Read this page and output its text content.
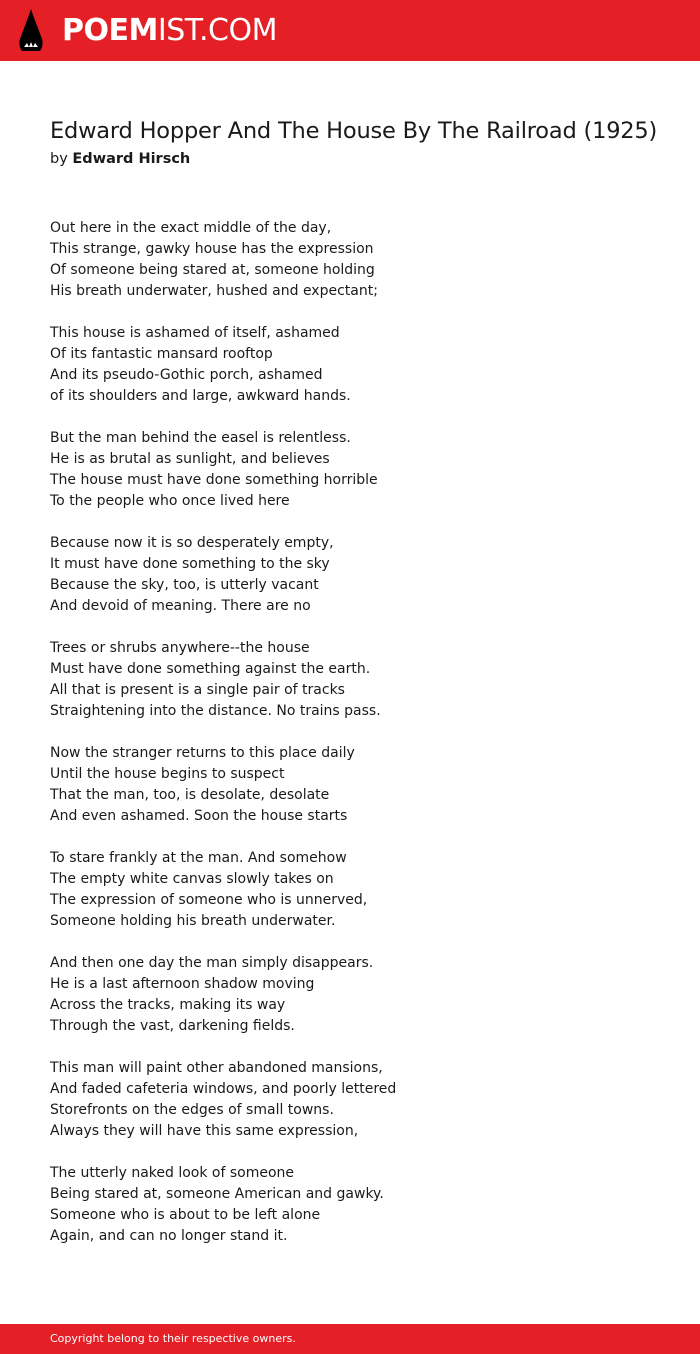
POEMIST.COM
Edward Hopper And The House By The Railroad (1925)
by Edward Hirsch
Out here in the exact middle of the day,
This strange, gawky house has the expression
Of someone being stared at, someone holding
His breath underwater, hushed and expectant;
This house is ashamed of itself, ashamed
Of its fantastic mansard rooftop
And its pseudo-Gothic porch, ashamed
of its shoulders and large, awkward hands.
But the man behind the easel is relentless.
He is as brutal as sunlight, and believes
The house must have done something horrible
To the people who once lived here
Because now it is so desperately empty,
It must have done something to the sky
Because the sky, too, is utterly vacant
And devoid of meaning. There are no
Trees or shrubs anywhere--the house
Must have done something against the earth.
All that is present is a single pair of tracks
Straightening into the distance. No trains pass.
Now the stranger returns to this place daily
Until the house begins to suspect
That the man, too, is desolate, desolate
And even ashamed. Soon the house starts
To stare frankly at the man. And somehow
The empty white canvas slowly takes on
The expression of someone who is unnerved,
Someone holding his breath underwater.
And then one day the man simply disappears.
He is a last afternoon shadow moving
Across the tracks, making its way
Through the vast, darkening fields.
This man will paint other abandoned mansions,
And faded cafeteria windows, and poorly lettered
Storefronts on the edges of small towns.
Always they will have this same expression,
The utterly naked look of someone
Being stared at, someone American and gawky.
Someone who is about to be left alone
Again, and can no longer stand it.
Copyright belong to their respective owners.
